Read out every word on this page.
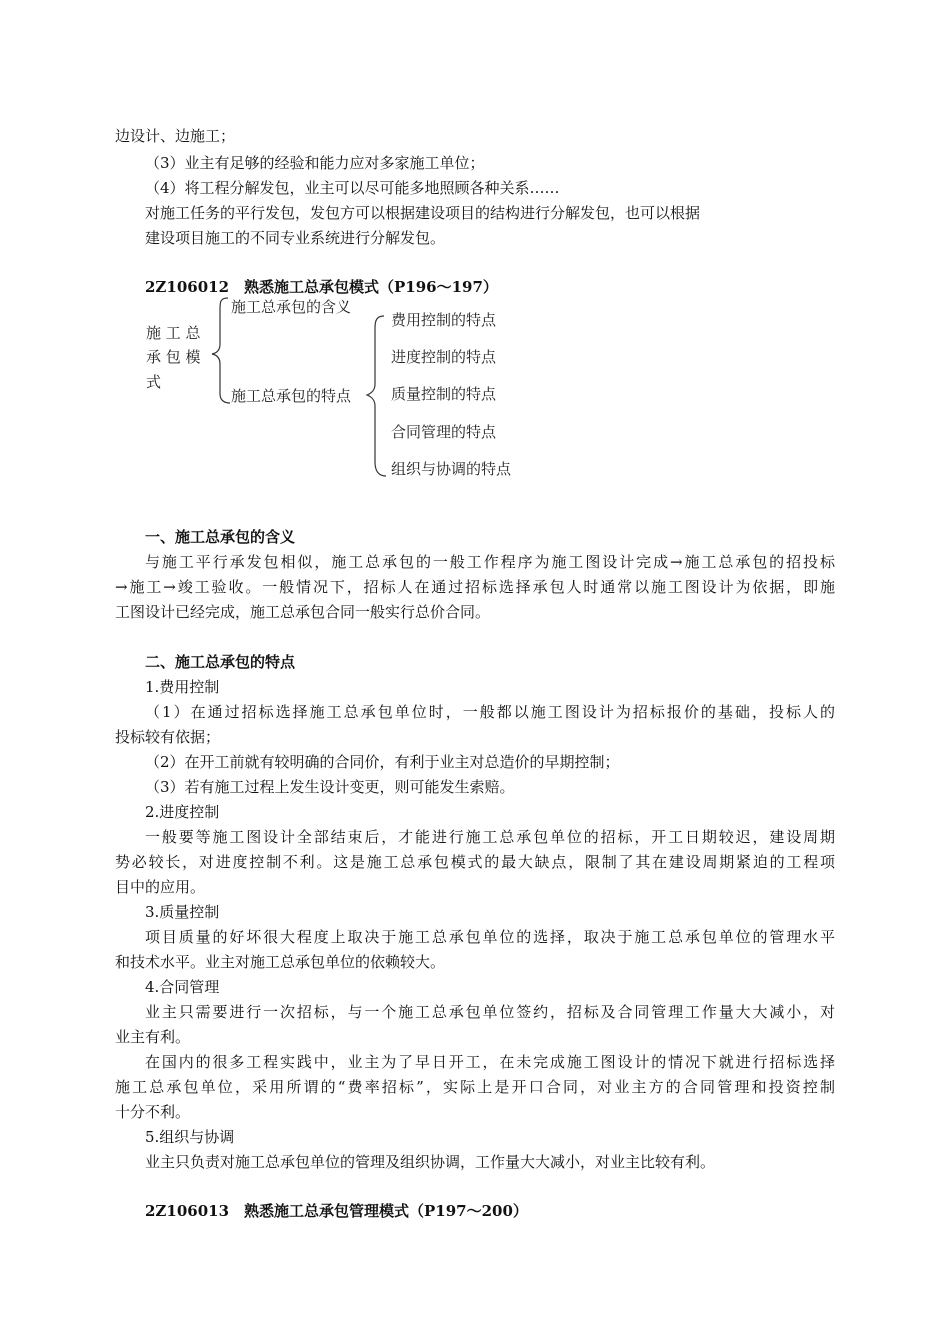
边设计、边施工；
（3）业主有足够的经验和能力应对多家施工单位；
（4）将工程分解发包，业主可以尽可能多地照顾各种关系……
对施工任务的平行发包，发包方可以根据建设项目的结构进行分解发包，也可以根据
建设项目施工的不同专业系统进行分解发包。
2Z106012　熟悉施工总承包模式（P196～197）
施 工 总
承 包 模
式
施工总承包的含义
施工总承包的特点
费用控制的特点
进度控制的特点
质量控制的特点
合同管理的特点
组织与协调的特点
一、施工总承包的含义
与施工平行承发包相似，施工总承包的一般工作程序为施工图设计完成→施工总承包的招投标
→施工→竣工验收。一般情况下，招标人在通过招标选择承包人时通常以施工图设计为依据，即施
工图设计已经完成，施工总承包合同一般实行总价合同。
二、施工总承包的特点
1.费用控制
（1）在通过招标选择施工总承包单位时，一般都以施工图设计为招标报价的基础，投标人的
投标较有依据；
（2）在开工前就有较明确的合同价，有利于业主对总造价的早期控制；
（3）若有施工过程上发生设计变更，则可能发生索赔。
2.进度控制
一般要等施工图设计全部结束后，才能进行施工总承包单位的招标，开工日期较迟，建设周期
势必较长，对进度控制不利。这是施工总承包模式的最大缺点，限制了其在建设周期紧迫的工程项
目中的应用。
3.质量控制
项目质量的好坏很大程度上取决于施工总承包单位的选择，取决于施工总承包单位的管理水平
和技术水平。业主对施工总承包单位的依赖较大。
4.合同管理
业主只需要进行一次招标，与一个施工总承包单位签约，招标及合同管理工作量大大减小，对
业主有利。
在国内的很多工程实践中，业主为了早日开工，在未完成施工图设计的情况下就进行招标选择
施工总承包单位，采用所谓的“费率招标”，实际上是开口合同，对业主方的合同管理和投资控制
十分不利。
5.组织与协调
业主只负责对施工总承包单位的管理及组织协调，工作量大大减小，对业主比较有利。
2Z106013　熟悉施工总承包管理模式（P197～200）
